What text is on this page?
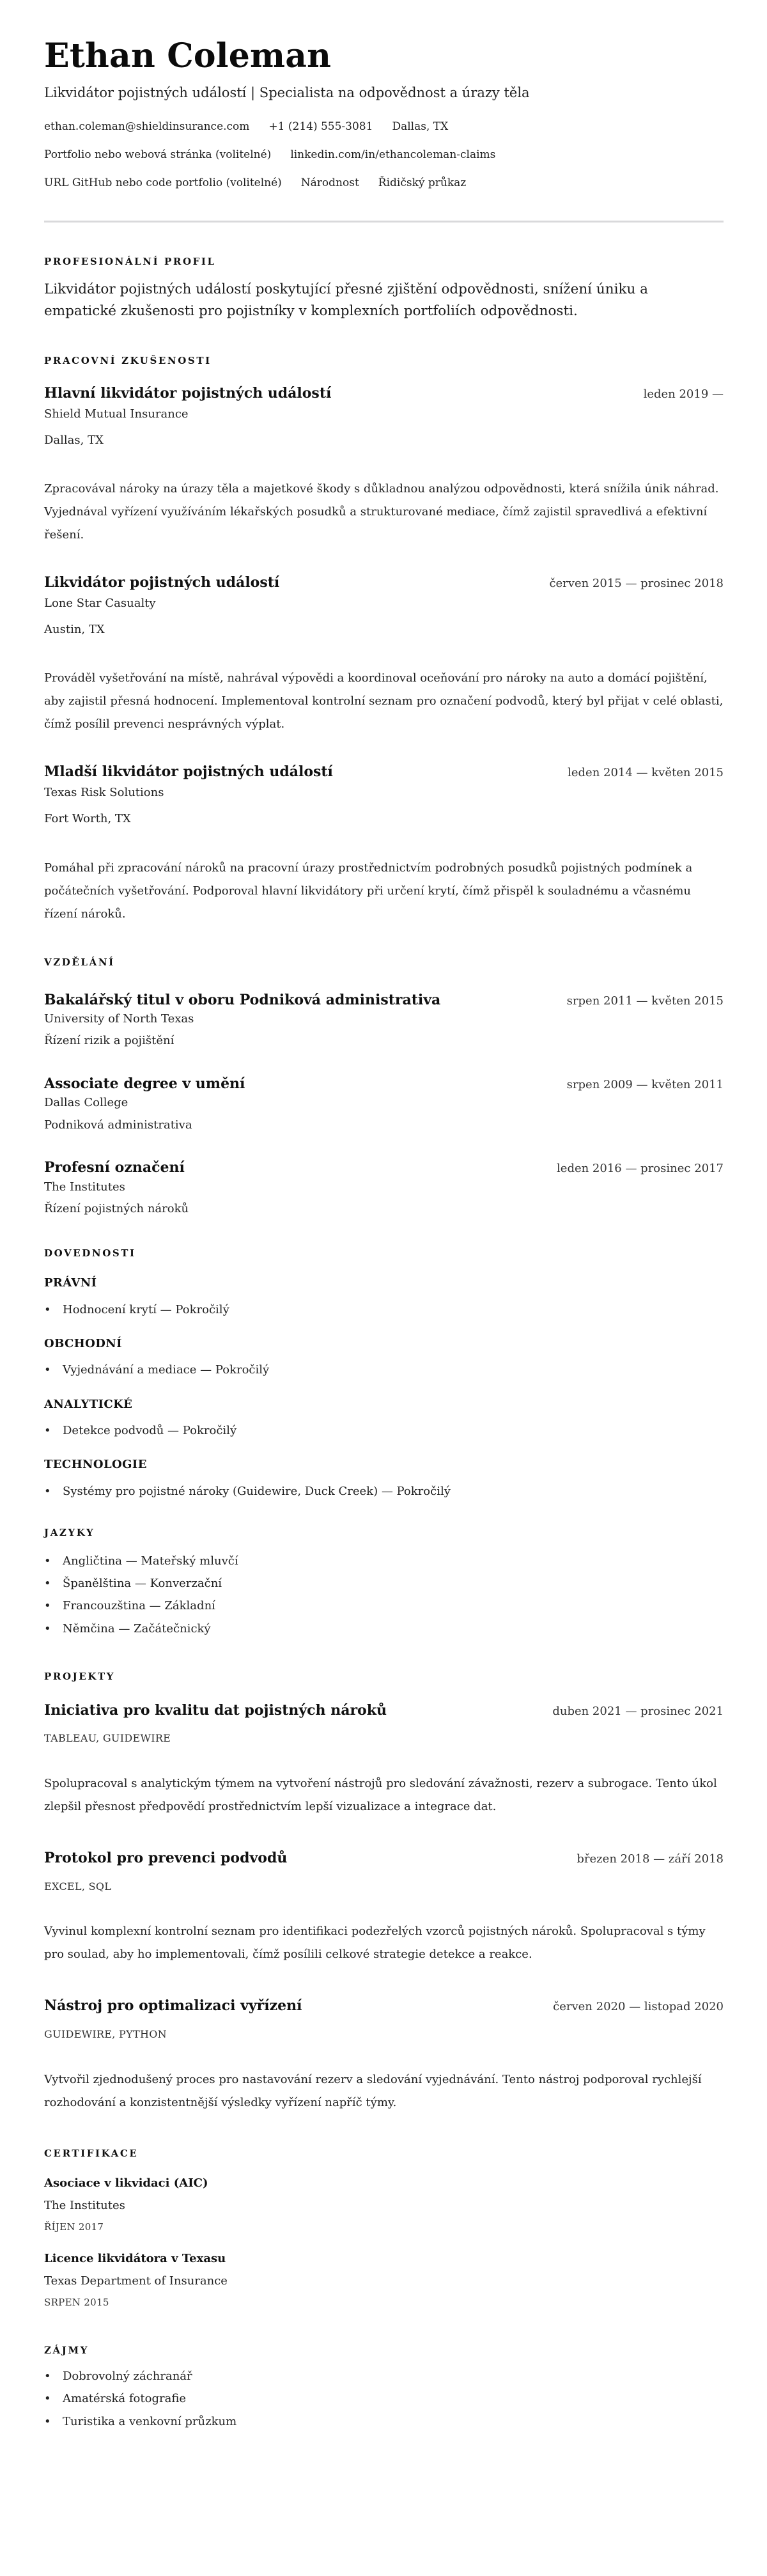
Ethan Coleman
Likvidátor pojistných událostí | Specialista na odpovědnost a úrazy těla
ethan.coleman@shieldinsurance.com +1 (214) 555-3081 Dallas, TX
Portfolio nebo webová stránka (volitelné) linkedin.com/in/ethancoleman-claims
URL GitHub nebo code portfolio (volitelné) Národnost Řidičský průkaz
PROFESIONÁLNÍ PROFIL

Likvidátor pojistných událostí poskytující přesné zjištění odpovědnosti, snížení úniku a empatické zkušenosti pro pojistníky v komplexních portfoliích odpovědnosti.

PRACOVNÍ ZKUŠENOSTI
Hlavní likvidátor pojistných událostí	leden 2019 —
Shield Mutual Insurance
Dallas, TX

Zpracovával nároky na úrazy těla a majetkové škody s důkladnou analýzou odpovědnosti, která snížila únik náhrad. Vyjednával vyřízení využíváním lékařských posudků a strukturované mediace, čímž zajistil spravedlivá a efektivní řešení.

Likvidátor pojistných událostí	červen 2015 — prosinec 2018
Lone Star Casualty
Austin, TX

Prováděl vyšetřování na místě, nahrával výpovědi a koordinoval oceňování pro nároky na auto a domácí pojištění, aby zajistil přesná hodnocení. Implementoval kontrolní seznam pro označení podvodů, který byl přijat v celé oblasti, čímž posílil prevenci nesprávných výplat.

Mladší likvidátor pojistných událostí	leden 2014 — květen 2015
Texas Risk Solutions
Fort Worth, TX

Pomáhal při zpracování nároků na pracovní úrazy prostřednictvím podrobných posudků pojistných podmínek a počátečních vyšetřování. Podporoval hlavní likvidátory při určení krytí, čímž přispěl k souladnému a včasnému řízení nároků.

VZDĚLÁNÍ
Bakalářský titul v oboru Podniková administrativa	srpen 2011 — květen 2015
University of North Texas
Řízení rizik a pojištění
Associate degree v umění	srpen 2009 — květen 2011
Dallas College
Podniková administrativa
Profesní označení	leden 2016 — prosinec 2017
The Institutes
Řízení pojistných nároků
DOVEDNOSTI
PRÁVNÍ
• Hodnocení krytí — Pokročilý
OBCHODNÍ
• Vyjednávání a mediace — Pokročilý
ANALYTICKÉ
• Detekce podvodů — Pokročilý
TECHNOLOGIE
• Systémy pro pojistné nároky (Guidewire, Duck Creek) — Pokročilý
JAZYKY
• Angličtina — Mateřský mluvčí
• Španělština — Konverzační
• Francouzština — Základní
• Němčina — Začátečnický
PROJEKTY
Iniciativa pro kvalitu dat pojistných nároků	duben 2021 — prosinec 2021
TABLEAU, GUIDEWIRE

Spolupracoval s analytickým týmem na vytvoření nástrojů pro sledování závažnosti, rezerv a subrogace. Tento úkol zlepšil přesnost předpovědí prostřednictvím lepší vizualizace a integrace dat.

Protokol pro prevenci podvodů	březen 2018 — září 2018
EXCEL, SQL

Vyvinul komplexní kontrolní seznam pro identifikaci podezřelých vzorců pojistných nároků. Spolupracoval s týmy pro soulad, aby ho implementovali, čímž posílili celkové strategie detekce a reakce.

Nástroj pro optimalizaci vyřízení	červen 2020 — listopad 2020
GUIDEWIRE, PYTHON

Vytvořil zjednodušený proces pro nastavování rezerv a sledování vyjednávání. Tento nástroj podporoval rychlejší rozhodování a konzistentnější výsledky vyřízení napříč týmy.

CERTIFIKACE
Asociace v likvidaci (AIC)
The Institutes
ŘÍJEN 2017
Licence likvidátora v Texasu
Texas Department of Insurance
SRPEN 2015
ZÁJMY
• Dobrovolný záchranář
• Amatérská fotografie
• Turistika a venkovní průzkum
